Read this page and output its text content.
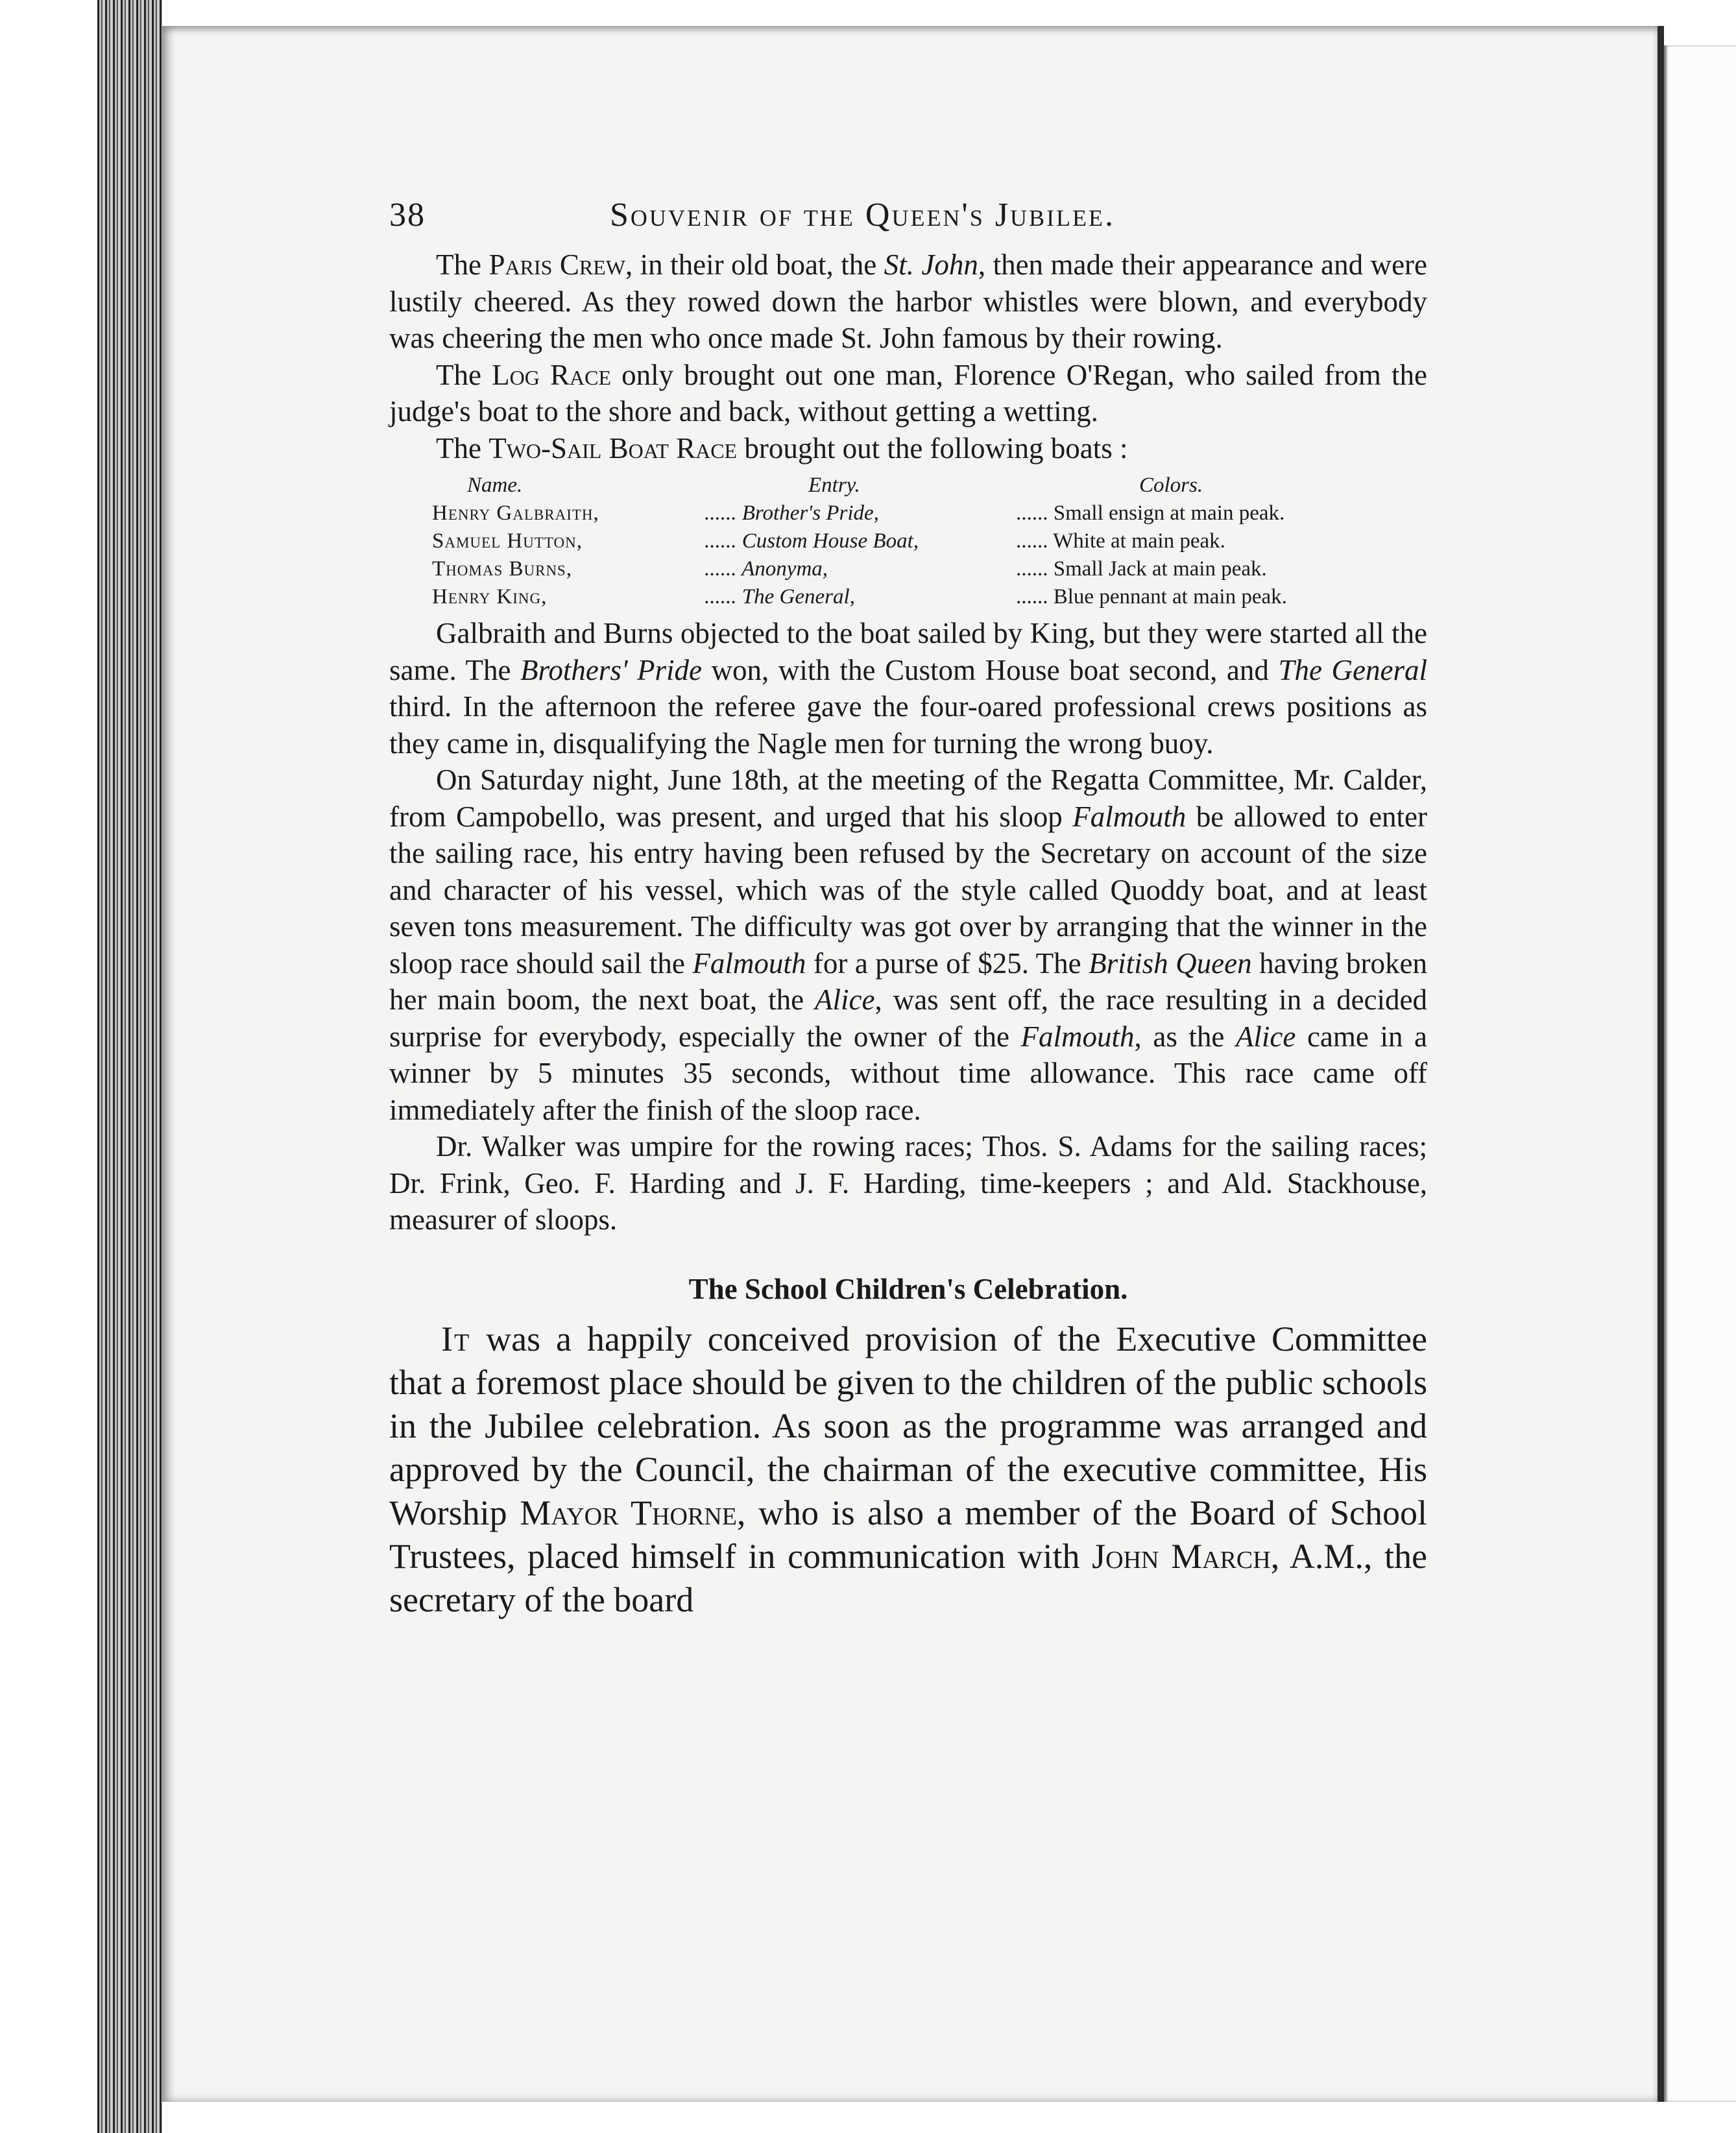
38	Souvenir of the Queen's Jubilee.

The Paris Crew, in their old boat, the St. John, then made their appearance and were lustily cheered. As they rowed down the harbor whistles were blown, and everybody was cheering the men who once made St. John famous by their rowing.

The Log Race only brought out one man, Florence O'Regan, who sailed from the judge's boat to the shore and back, without getting a wetting.

The Two-Sail Boat Race brought out the following boats :

Name.	Entry.	Colors.
Henry Galbraith,	...... Brother's Pride,	...... Small ensign at main peak.
Samuel Hutton,	...... Custom House Boat,	...... White at main peak.
Thomas Burns,	...... Anonyma,	...... Small Jack at main peak.
Henry King,	...... The General,	...... Blue pennant at main peak.

Galbraith and Burns objected to the boat sailed by King, but they were started all the same. The Brothers' Pride won, with the Custom House boat second, and The General third. In the afternoon the referee gave the four-oared professional crews positions as they came in, disqualifying the Nagle men for turning the wrong buoy.

On Saturday night, June 18th, at the meeting of the Regatta Committee, Mr. Calder, from Campobello, was present, and urged that his sloop Falmouth be allowed to enter the sailing race, his entry having been refused by the Secretary on account of the size and character of his vessel, which was of the style called Quoddy boat, and at least seven tons measurement. The difficulty was got over by arranging that the winner in the sloop race should sail the Falmouth for a purse of $25. The British Queen having broken her main boom, the next boat, the Alice, was sent off, the race resulting in a decided surprise for everybody, especially the owner of the Falmouth, as the Alice came in a winner by 5 minutes 35 seconds, without time allowance. This race came off immediately after the finish of the sloop race.

Dr. Walker was umpire for the rowing races; Thos. S. Adams for the sailing races; Dr. Frink, Geo. F. Harding and J. F. Harding, time-keepers ; and Ald. Stackhouse, measurer of sloops.

The School Children's Celebration.

It was a happily conceived provision of the Executive Committee that a foremost place should be given to the children of the public schools in the Jubilee celebration. As soon as the programme was arranged and approved by the Council, the chairman of the executive committee, His Worship Mayor Thorne, who is also a member of the Board of School Trustees, placed himself in communication with John March, A.M., the secretary of the board
